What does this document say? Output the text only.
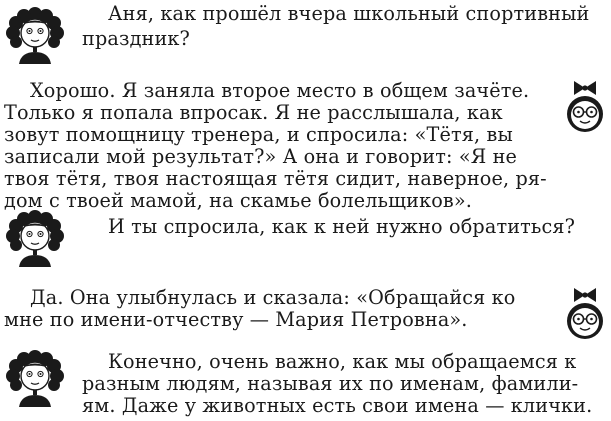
Аня, как прошёл вчера школьный спортивный
праздник?
Хорошо. Я заняла второе место в общем зачёте.
Только я попала впросак. Я не расслышала, как
зовут помощницу тренера, и спросила: «Тётя, вы
записали мой результат?» А она и говорит: «Я не
твоя тётя, твоя настоящая тётя сидит, наверное, ря-
дом с твоей мамой, на скамье болельщиков».
И ты спросила, как к ней нужно обратиться?
Да. Она улыбнулась и сказала: «Обращайся ко
мне по имени-отчеству — Мария Петровна».
Конечно, очень важно, как мы обращаемся к
разным людям, называя их по именам, фамили-
ям. Даже у животных есть свои имена — клички.
